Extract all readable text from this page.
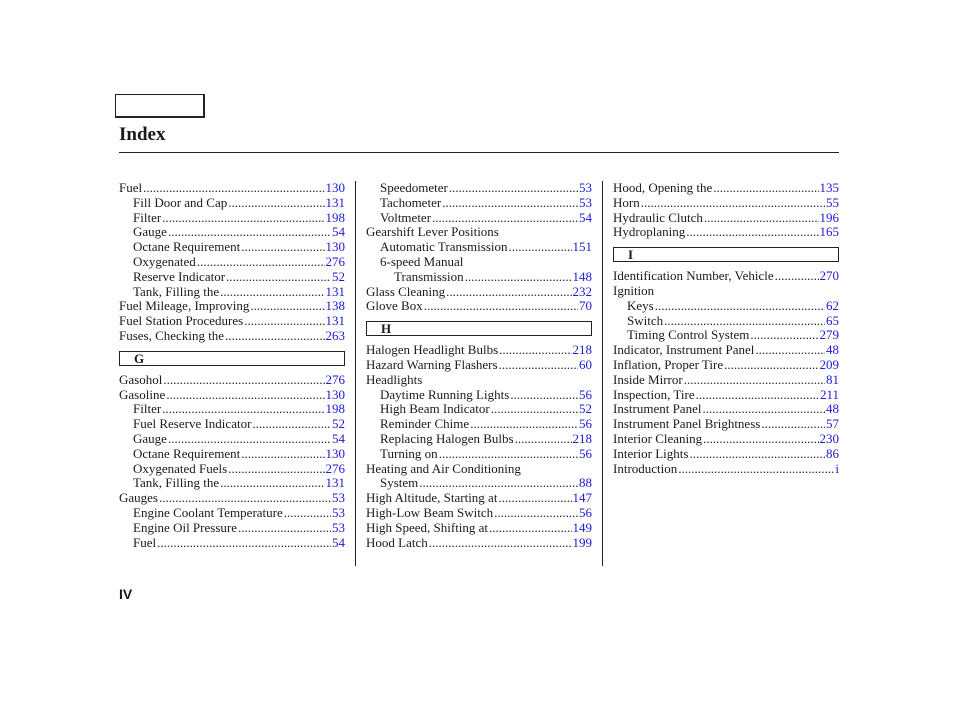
Index
Fuel .....	130
Fill Door and Cap .....	131
Filter .....	198
Gauge .....	54
Octane Requirement .....	130
Oxygenated .....	276
Reserve Indicator .....	52
Tank, Filling the .....	131
Fuel Mileage, Improving .....	138
Fuel Station Procedures .....	131
Fuses, Checking the .....	263
G
Gasohol .....	276
Gasoline .....	130
Filter .....	198
Fuel Reserve Indicator .....	52
Gauge .....	54
Octane Requirement .....	130
Oxygenated Fuels .....	276
Tank, Filling the .....	131
Gauges .....	53
Engine Coolant Temperature .....	53
Engine Oil Pressure .....	53
Fuel .....	54
Speedometer .....	53
Tachometer .....	53
Voltmeter .....	54
Gearshift Lever Positions
Automatic Transmission .....	151
6-speed Manual
Transmission .....	148
Glass Cleaning .....	232
Glove Box .....	70
H
Halogen Headlight Bulbs .....	218
Hazard Warning Flashers .....	60
Headlights
Daytime Running Lights .....	56
High Beam Indicator .....	52
Reminder Chime .....	56
Replacing Halogen Bulbs .....	218
Turning on .....	56
Heating and Air Conditioning
System .....	88
High Altitude, Starting at .....	147
High-Low Beam Switch .....	56
High Speed, Shifting at .....	149
Hood Latch .....	199
Hood, Opening the .....	135
Horn .....	55
Hydraulic Clutch .....	196
Hydroplaning .....	165
I
Identification Number, Vehicle .....	270
Ignition
Keys .....	62
Switch .....	65
Timing Control System .....	279
Indicator, Instrument Panel .....	48
Inflation, Proper Tire .....	209
Inside Mirror .....	81
Inspection, Tire .....	211
Instrument Panel .....	48
Instrument Panel Brightness .....	57
Interior Cleaning .....	230
Interior Lights .....	86
Introduction .....	i
IV
